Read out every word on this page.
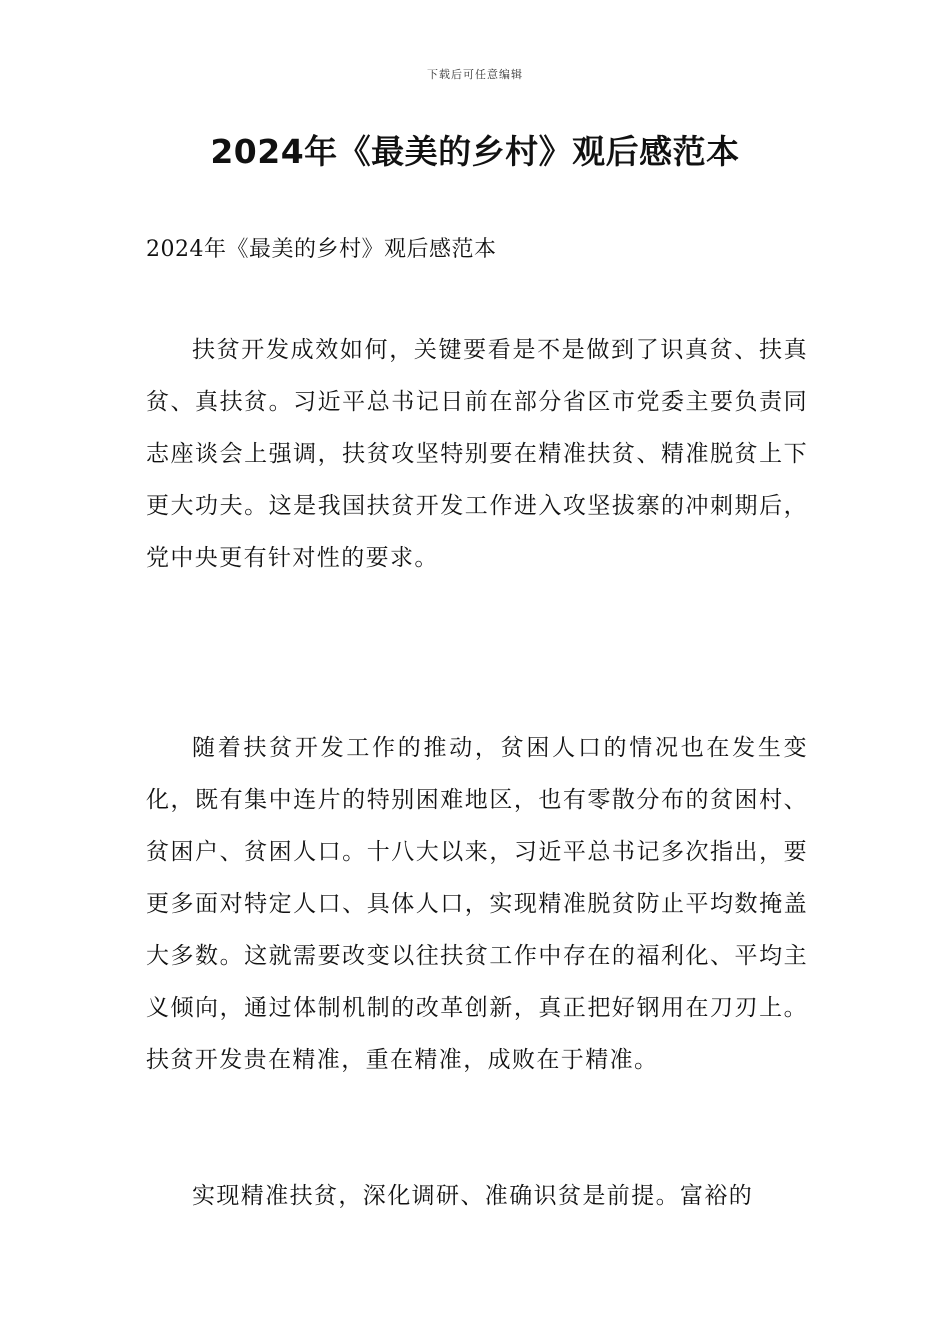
下载后可任意编辑
2024年《最美的乡村》观后感范本
2024年《最美的乡村》观后感范本

扶贫开发成效如何，关键要看是不是做到了识真贫、扶真贫、真扶贫。习近平总书记日前在部分省区市党委主要负责同志座谈会上强调，扶贫攻坚特别要在精准扶贫、精准脱贫上下更大功夫。这是我国扶贫开发工作进入攻坚拔寨的冲刺期后，党中央更有针对性的要求。

随着扶贫开发工作的推动，贫困人口的情况也在发生变化，既有集中连片的特别困难地区，也有零散分布的贫困村、贫困户、贫困人口。十八大以来，习近平总书记多次指出，要更多面对特定人口、具体人口，实现精准脱贫防止平均数掩盖大多数。这就需要改变以往扶贫工作中存在的福利化、平均主义倾向，通过体制机制的改革创新，真正把好钢用在刀刃上。扶贫开发贵在精准，重在精准，成败在于精准。

实现精准扶贫，深化调研、准确识贫是前提。富裕的
